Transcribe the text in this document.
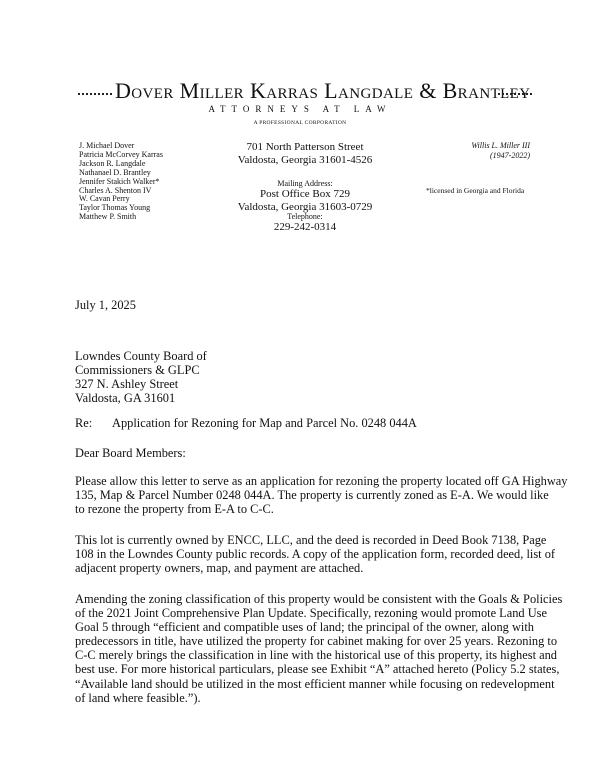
Dover Miller Karras Langdale & Brantley
ATTORNEYS AT LAW
A PROFESSIONAL CORPORATION
J. Michael Dover
Patricia McCorvey Karras
Jackson R. Langdale
Nathanael D. Brantley
Jennifer Stakich Walker*
Charles A. Shenton IV
W. Cavan Perry
Taylor Thomas Young
Matthew P. Smith
701 North Patterson Street
Valdosta, Georgia 31601-4526
Mailing Address:
Post Office Box 729
Valdosta, Georgia 31603-0729
Telephone:
229-242-0314
Willis L. Miller III
(1947-2022)
*licensed in Georgia and Florida
July 1, 2025
Lowndes County Board of
Commissioners & GLPC
327 N. Ashley Street
Valdosta, GA 31601
Re: Application for Rezoning for Map and Parcel No. 0248 044A
Dear Board Members:
Please allow this letter to serve as an application for rezoning the property located off GA Highway
135, Map & Parcel Number 0248 044A. The property is currently zoned as E-A. We would like
to rezone the property from E-A to C-C.
This lot is currently owned by ENCC, LLC, and the deed is recorded in Deed Book 7138, Page
108 in the Lowndes County public records. A copy of the application form, recorded deed, list of
adjacent property owners, map, and payment are attached.
Amending the zoning classification of this property would be consistent with the Goals & Policies
of the 2021 Joint Comprehensive Plan Update. Specifically, rezoning would promote Land Use
Goal 5 through “efficient and compatible uses of land; the principal of the owner, along with
predecessors in title, have utilized the property for cabinet making for over 25 years. Rezoning to
C-C merely brings the classification in line with the historical use of this property, its highest and
best use. For more historical particulars, please see Exhibit “A” attached hereto (Policy 5.2 states,
“Available land should be utilized in the most efficient manner while focusing on redevelopment
of land where feasible.”).
